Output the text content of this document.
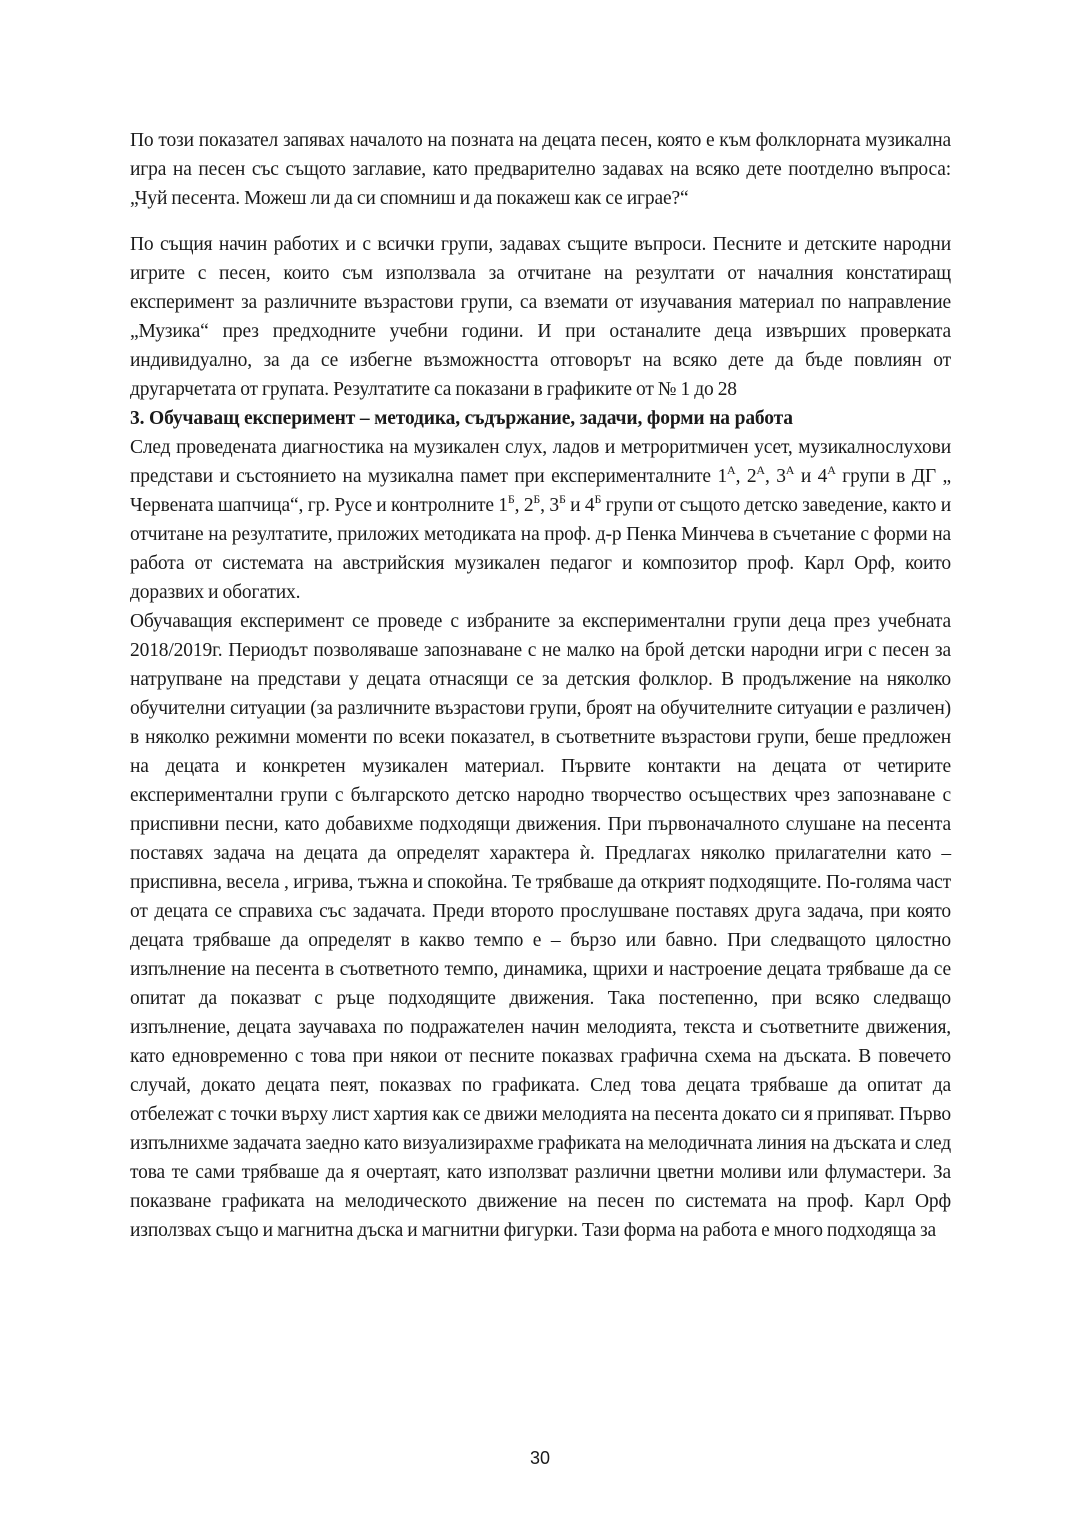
По този показател запявах началото на позната на децата песен, която е към фолклорната музикална игра на песен със същото заглавие, като предварително задавах на всяко дете поотделно въпроса: „Чуй песента. Можеш ли да си спомниш и да покажеш как се играе?“

По същия начин работих и с всички групи, задавах същите въпроси. Песните и детските народни игрите с песен, които съм използвала за отчитане на резултати от началния констатиращ експеримент за различните възрастови групи, са вземати от изучавания материал по направление „Музика“ през предходните учебни години. И при останалите деца извърших проверката индивидуално, за да се избегне възможността отговорът на всяко дете да бъде повлиян от другарчетата от групата. Резултатите са показани в графиките от № 1 до 28

3. Обучаващ експеримент – методика, съдържание, задачи, форми на работа

След проведената диагностика на музикален слух, ладов и метроритмичен усет, музикалнослухови представи и състоянието на музикална памет при експерименталните $1^А$, $2^А$, $3^А$ и $4^А$ групи в ДГ „ Червената шапчица“, гр. Русе и контролните $1^Б$, $2^Б$, $3^Б$ и $4^Б$ групи от същото детско заведение, както и отчитане на резултатите, приложих методиката на проф. д-р Пенка Минчева в съчетание с форми на работа от системата на австрийския музикален педагог и композитор проф. Карл Орф, които доразвих и обогатих.

Обучаващия експеримент се проведе с избраните за експериментални групи деца през учебната 2018/2019г. Периодът позволяваше запознаване с не малко на брой детски народни игри с песен за натрупване на представи у децата отнасящи се за детския фолклор. В продължение на няколко обучителни ситуации (за различните възрастови групи, броят на обучителните ситуации е различен) в няколко режимни моменти по всеки показател, в съответните възрастови групи, беше предложен на децата и конкретен музикален материал. Първите контакти на децата от четирите експериментални групи с българското детско народно творчество осъществих чрез запознаване с приспивни песни, като добавихме подходящи движения. При първоначалното слушане на песента поставях задача на децата да определят характера ѝ. Предлагах няколко прилагателни като – приспивна, весела , игрива, тъжна и спокойна. Те трябваше да открият подходящите. По-голяма част от децата се справиха със задачата. Преди второто прослушване поставях друга задача, при която децата трябваше да определят в какво темпо е – бързо или бавно. При следващото цялостно изпълнение на песента в съответното темпо, динамика, щрихи и настроение децата трябваше да се опитат да показват с ръце подходящите движения. Така постепенно, при всяко следващо изпълнение, децата заучаваха по подражателен начин мелодията, текста и съответните движения, като едновременно с това при някои от песните показвах графична схема на дъската. В повечето случай, докато децата пеят, показвах по графиката. След това децата трябваше да опитат да отбележат с точки върху лист хартия как се движи мелодията на песента докато си я припяват. Първо изпълнихме задачата заедно като визуализирахме графиката на мелодичната линия на дъската и след това те сами трябваше да я очертаят, като използват различни цветни моливи или флумастери. За показване графиката на мелодическото движение на песен по системата на проф. Карл Орф използвах също и магнитна дъска и магнитни фигурки. Тази форма на работа е много подходяща за

30
